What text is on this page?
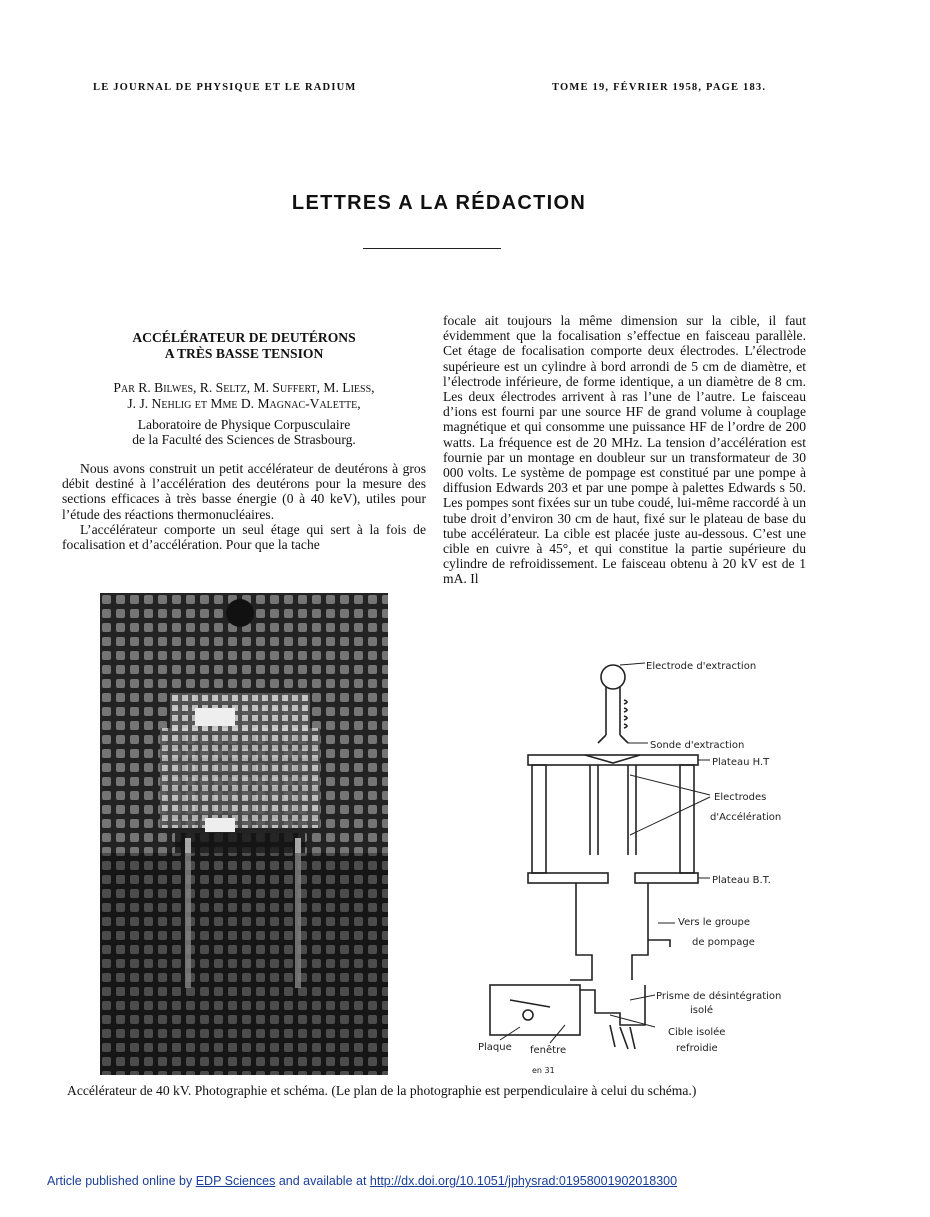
LE JOURNAL DE PHYSIQUE ET LE RADIUM	TOME 19, FÉVRIER 1958, PAGE 183.
LETTRES A LA RÉDACTION

ACCÉLÉRATEUR DE DEUTÉRONS

A TRÈS BASSE TENSION

Par R. Bilwes, R. Seltz, M. Suffert, M. Liess,
J. J. Nehlig et Mme D. Magnac-Valette,
Laboratoire de Physique Corpusculaire
de la Faculté des Sciences de Strasbourg.

Nous avons construit un petit accélérateur de deutérons à gros débit destiné à l’accélération des deutérons pour la mesure des sections efficaces à très basse énergie (0 à 40 keV), utiles pour l’étude des réactions thermonucléaires.

L’accélérateur comporte un seul étage qui sert à la fois de focalisation et d’accélération. Pour que la tache

focale ait toujours la même dimension sur la cible, il faut évidemment que la focalisation s’effectue en faisceau parallèle. Cet étage de focalisation comporte deux électrodes. L’électrode supérieure est un cylindre à bord arrondi de 5 cm de diamètre, et l’électrode inférieure, de forme identique, a un diamètre de 8 cm. Les deux électrodes arrivent à ras l’une de l’autre. Le faisceau d’ions est fourni par une source HF de grand volume à couplage magnétique et qui consomme une puissance HF de l’ordre de 200 watts. La fréquence est de 20 MHz. La tension d’accélération est fournie par un montage en doubleur sur un transformateur de 30 000 volts. Le système de pompage est constitué par une pompe à diffusion Edwards 203 et par une pompe à palettes Edwards s 50. Les pompes sont fixées sur un tube coudé, lui-même raccordé à un tube droit d’environ 30 cm de haut, fixé sur le plateau de base du tube accélérateur. La cible est placée juste au-dessous. C’est une cible en cuivre à 45°, et qui constitue la partie supérieure du cylindre de refroidissement. Le faisceau obtenu à 20 kV est de 1 mA. Il
Electrode d'extraction
Sonde d'extraction
Plateau H.T
Electrodes
d'Accélération
Plateau B.T.
Vers le groupe
de pompage
Prisme de désintégration
isolé
Cible isolée
refroidie
Plaque fenêtre
en 31
Accélérateur de 40 kV. Photographie et schéma. (Le plan de la photographie est perpendiculaire à celui du schéma.)
Article published online by EDP Sciences and available at http://dx.doi.org/10.1051/jphysrad:01958001902018300
